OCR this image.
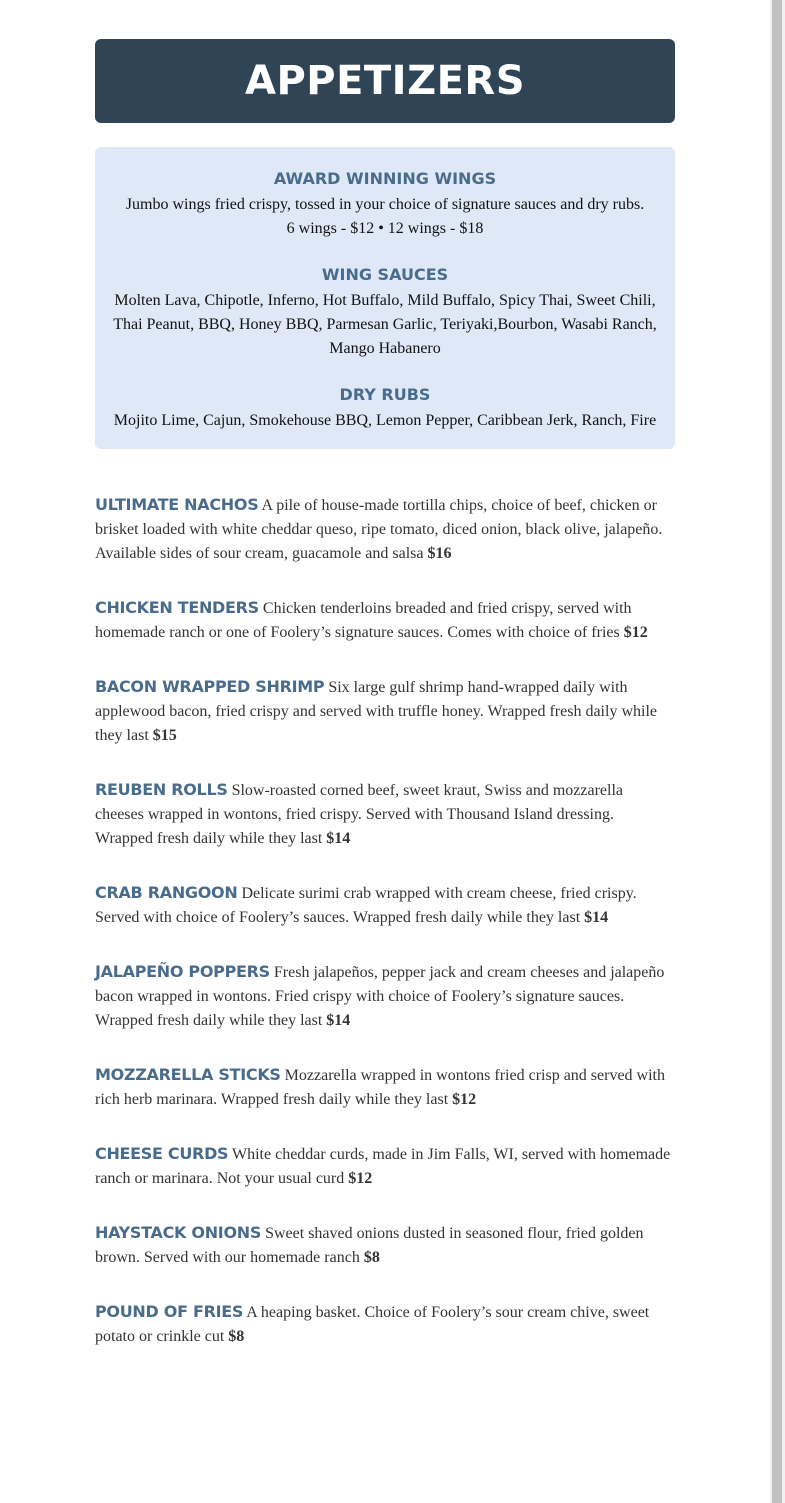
APPETIZERS
AWARD WINNING WINGS
Jumbo wings fried crispy, tossed in your choice of signature sauces and dry rubs.
6 wings - $12 • 12 wings - $18
WING SAUCES
Molten Lava, Chipotle, Inferno, Hot Buffalo, Mild Buffalo, Spicy Thai, Sweet Chili, Thai Peanut, BBQ, Honey BBQ, Parmesan Garlic, Teriyaki,Bourbon, Wasabi Ranch, Mango Habanero
DRY RUBS
Mojito Lime, Cajun, Smokehouse BBQ, Lemon Pepper, Caribbean Jerk, Ranch, Fire
ULTIMATE NACHOS A pile of house-made tortilla chips, choice of beef, chicken or brisket loaded with white cheddar queso, ripe tomato, diced onion, black olive, jalapeño. Available sides of sour cream, guacamole and salsa $16
CHICKEN TENDERS Chicken tenderloins breaded and fried crispy, served with homemade ranch or one of Foolery’s signature sauces. Comes with choice of fries $12
BACON WRAPPED SHRIMP Six large gulf shrimp hand-wrapped daily with applewood bacon, fried crispy and served with truffle honey. Wrapped fresh daily while they last $15
REUBEN ROLLS Slow-roasted corned beef, sweet kraut, Swiss and mozzarella cheeses wrapped in wontons, fried crispy. Served with Thousand Island dressing. Wrapped fresh daily while they last $14
CRAB RANGOON Delicate surimi crab wrapped with cream cheese, fried crispy. Served with choice of Foolery’s sauces. Wrapped fresh daily while they last $14
JALAPEÑO POPPERS Fresh jalapeños, pepper jack and cream cheeses and jalapeño bacon wrapped in wontons. Fried crispy with choice of Foolery’s signature sauces. Wrapped fresh daily while they last $14
MOZZARELLA STICKS Mozzarella wrapped in wontons fried crisp and served with rich herb marinara. Wrapped fresh daily while they last $12
CHEESE CURDS White cheddar curds, made in Jim Falls, WI, served with homemade ranch or marinara. Not your usual curd $12
HAYSTACK ONIONS Sweet shaved onions dusted in seasoned flour, fried golden brown. Served with our homemade ranch $8
POUND OF FRIES A heaping basket. Choice of Foolery’s sour cream chive, sweet potato or crinkle cut $8
